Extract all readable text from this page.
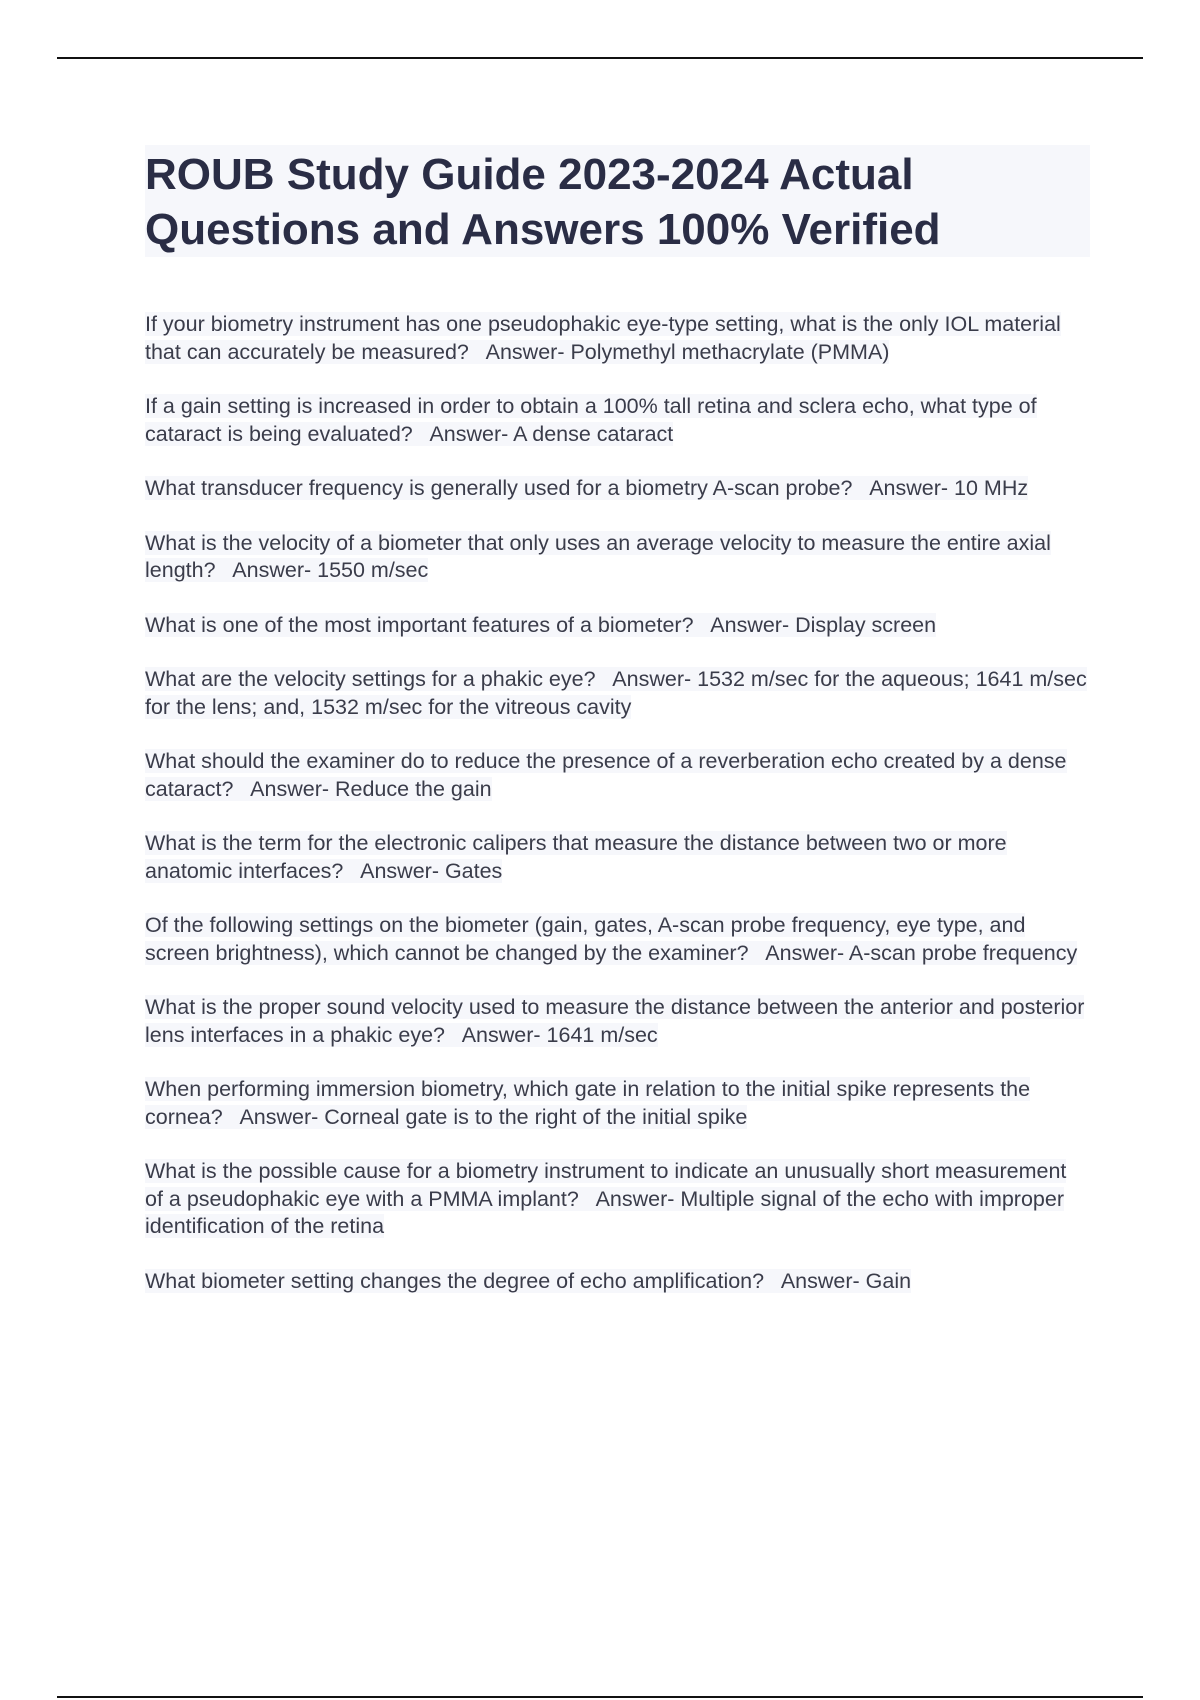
ROUB Study Guide 2023-2024 Actual Questions and Answers 100% Verified
If your biometry instrument has one pseudophakic eye-type setting, what is the only IOL material that can accurately be measured? Answer- Polymethyl methacrylate (PMMA)
If a gain setting is increased in order to obtain a 100% tall retina and sclera echo, what type of cataract is being evaluated? Answer- A dense cataract
What transducer frequency is generally used for a biometry A-scan probe? Answer- 10 MHz
What is the velocity of a biometer that only uses an average velocity to measure the entire axial length? Answer- 1550 m/sec
What is one of the most important features of a biometer? Answer- Display screen
What are the velocity settings for a phakic eye? Answer- 1532 m/sec for the aqueous; 1641 m/sec for the lens; and, 1532 m/sec for the vitreous cavity
What should the examiner do to reduce the presence of a reverberation echo created by a dense cataract? Answer- Reduce the gain
What is the term for the electronic calipers that measure the distance between two or more anatomic interfaces? Answer- Gates
Of the following settings on the biometer (gain, gates, A-scan probe frequency, eye type, and screen brightness), which cannot be changed by the examiner? Answer- A-scan probe frequency
What is the proper sound velocity used to measure the distance between the anterior and posterior lens interfaces in a phakic eye? Answer- 1641 m/sec
When performing immersion biometry, which gate in relation to the initial spike represents the cornea? Answer- Corneal gate is to the right of the initial spike
What is the possible cause for a biometry instrument to indicate an unusually short measurement of a pseudophakic eye with a PMMA implant? Answer- Multiple signal of the echo with improper identification of the retina
What biometer setting changes the degree of echo amplification? Answer- Gain
